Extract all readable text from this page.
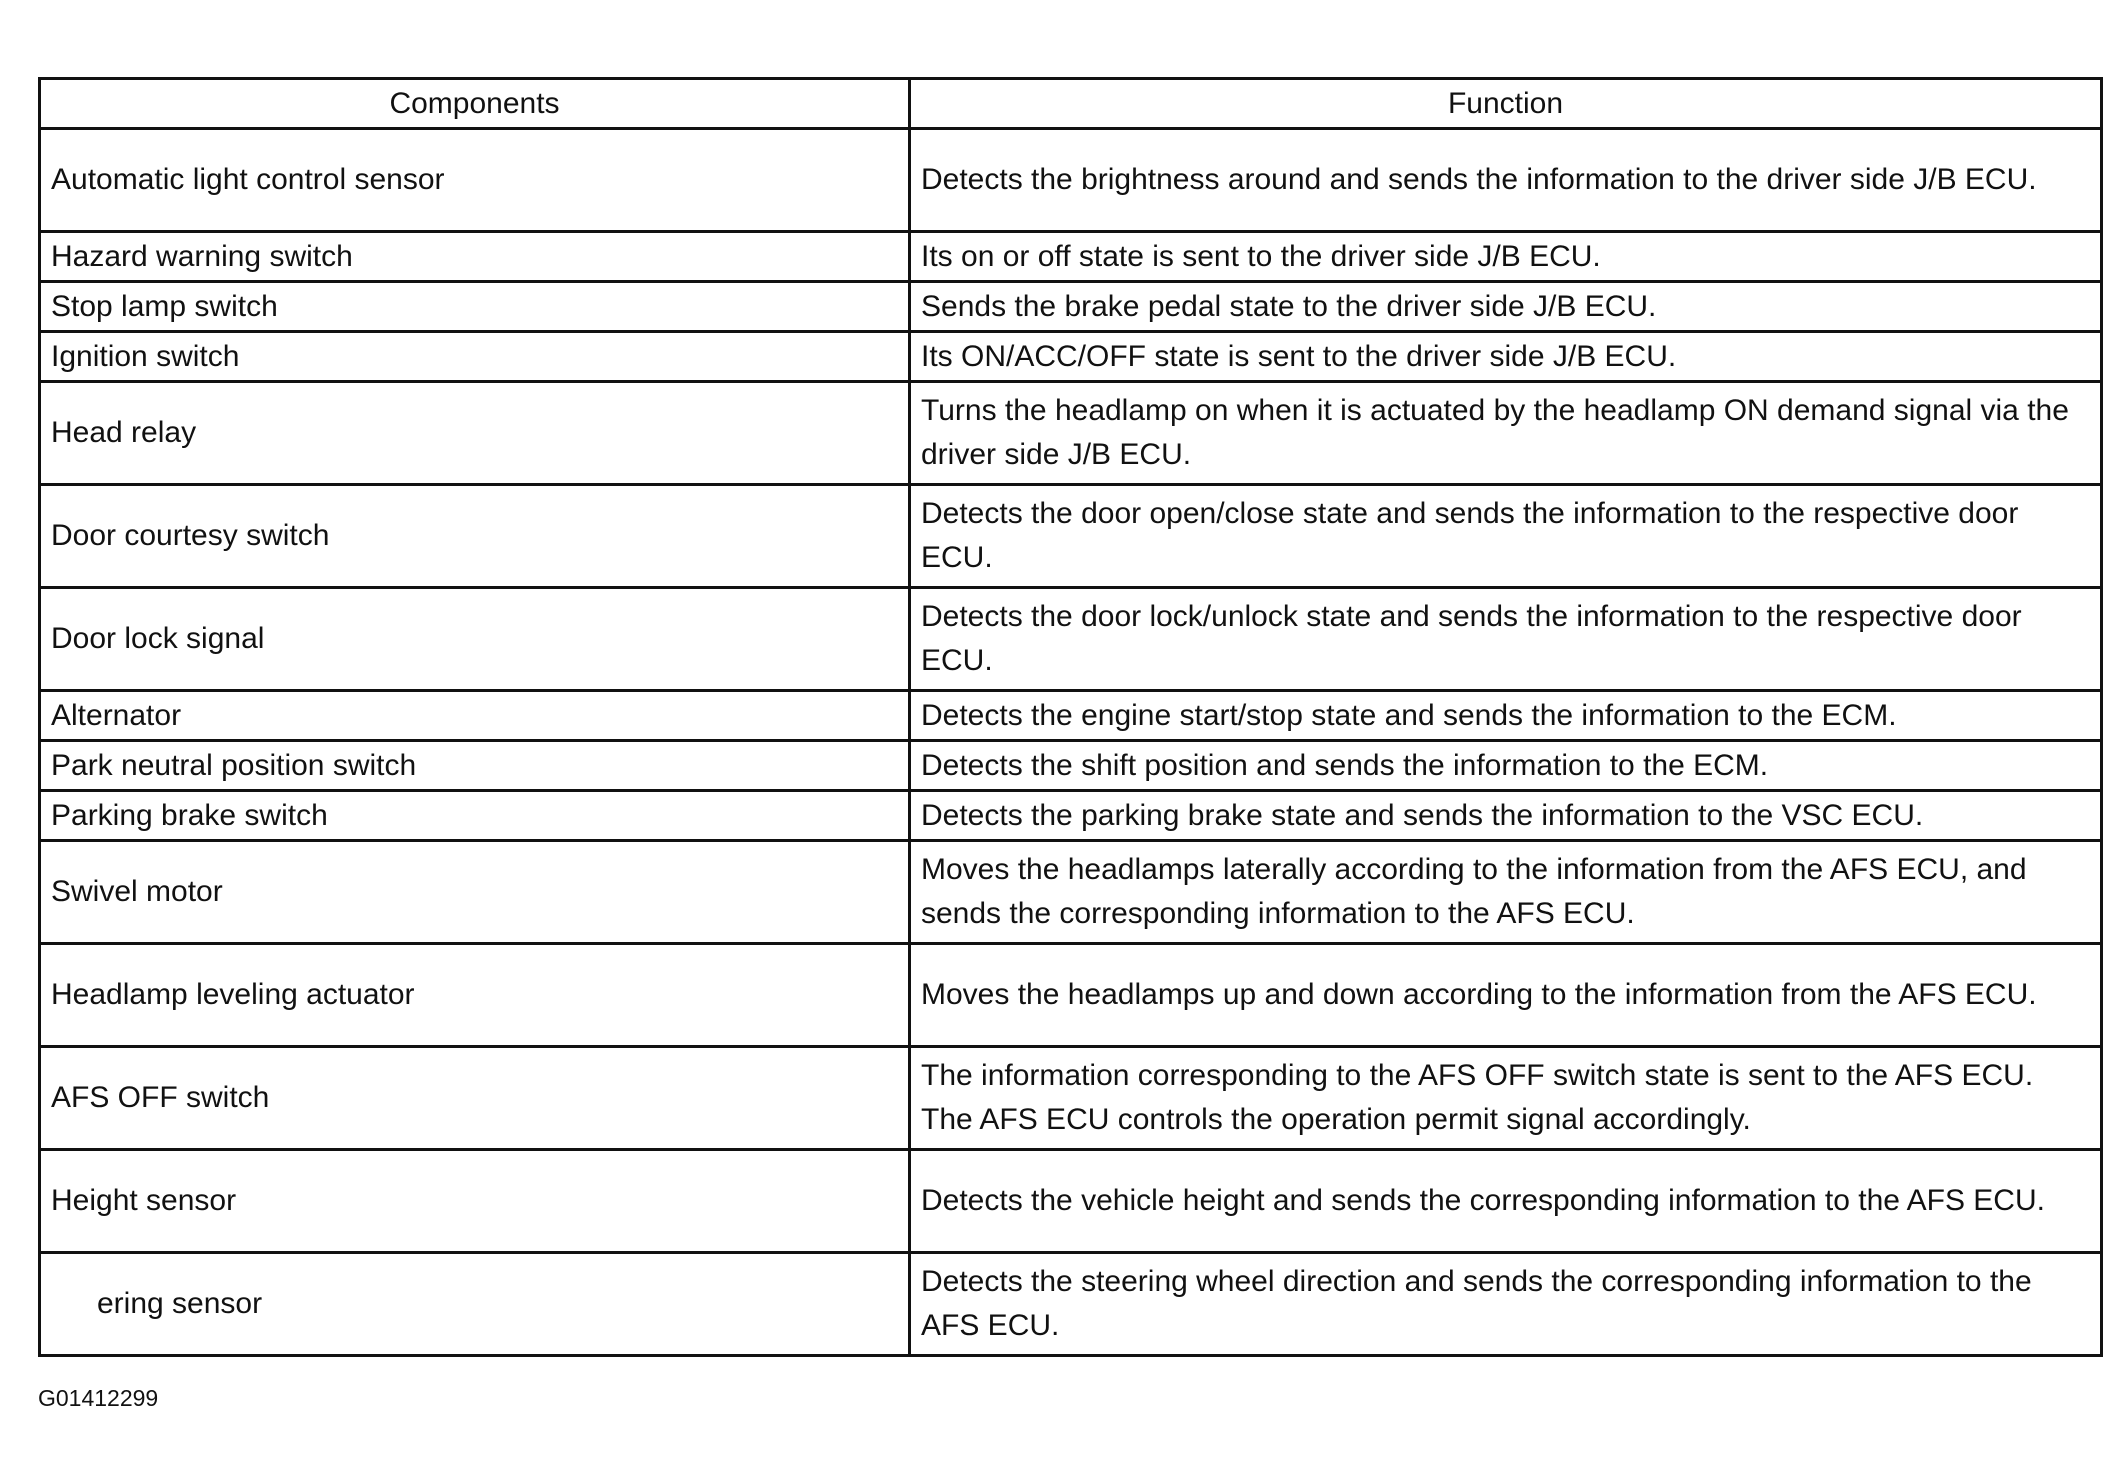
Components	Function
Automatic light control sensor	Detects the brightness around and sends the information to the driver side J/B ECU.
Hazard warning switch	Its on or off state is sent to the driver side J/B ECU.
Stop lamp switch	Sends the brake pedal state to the driver side J/B ECU.
Ignition switch	Its ON/ACC/OFF state is sent to the driver side J/B ECU.
Head relay	Turns the headlamp on when it is actuated by the headlamp ON demand signal via the driver side J/B ECU.
Door courtesy switch	Detects the door open/close state and sends the information to the respective door ECU.
Door lock signal	Detects the door lock/unlock state and sends the information to the respective door ECU.
Alternator	Detects the engine start/stop state and sends the information to the ECM.
Park neutral position switch	Detects the shift position and sends the information to the ECM.
Parking brake switch	Detects the parking brake state and sends the information to the VSC ECU.
Swivel motor	Moves the headlamps laterally according to the information from the AFS ECU, and sends the corresponding information to the AFS ECU.
Headlamp leveling actuator	Moves the headlamps up and down according to the information from the AFS ECU.
AFS OFF switch	The information corresponding to the AFS OFF switch state is sent to the AFS ECU. The AFS ECU controls the operation permit signal accordingly.
Height sensor	Detects the vehicle height and sends the corresponding information to the AFS ECU.
ering sensor	Detects the steering wheel direction and sends the corresponding information to the AFS ECU.
G01412299
